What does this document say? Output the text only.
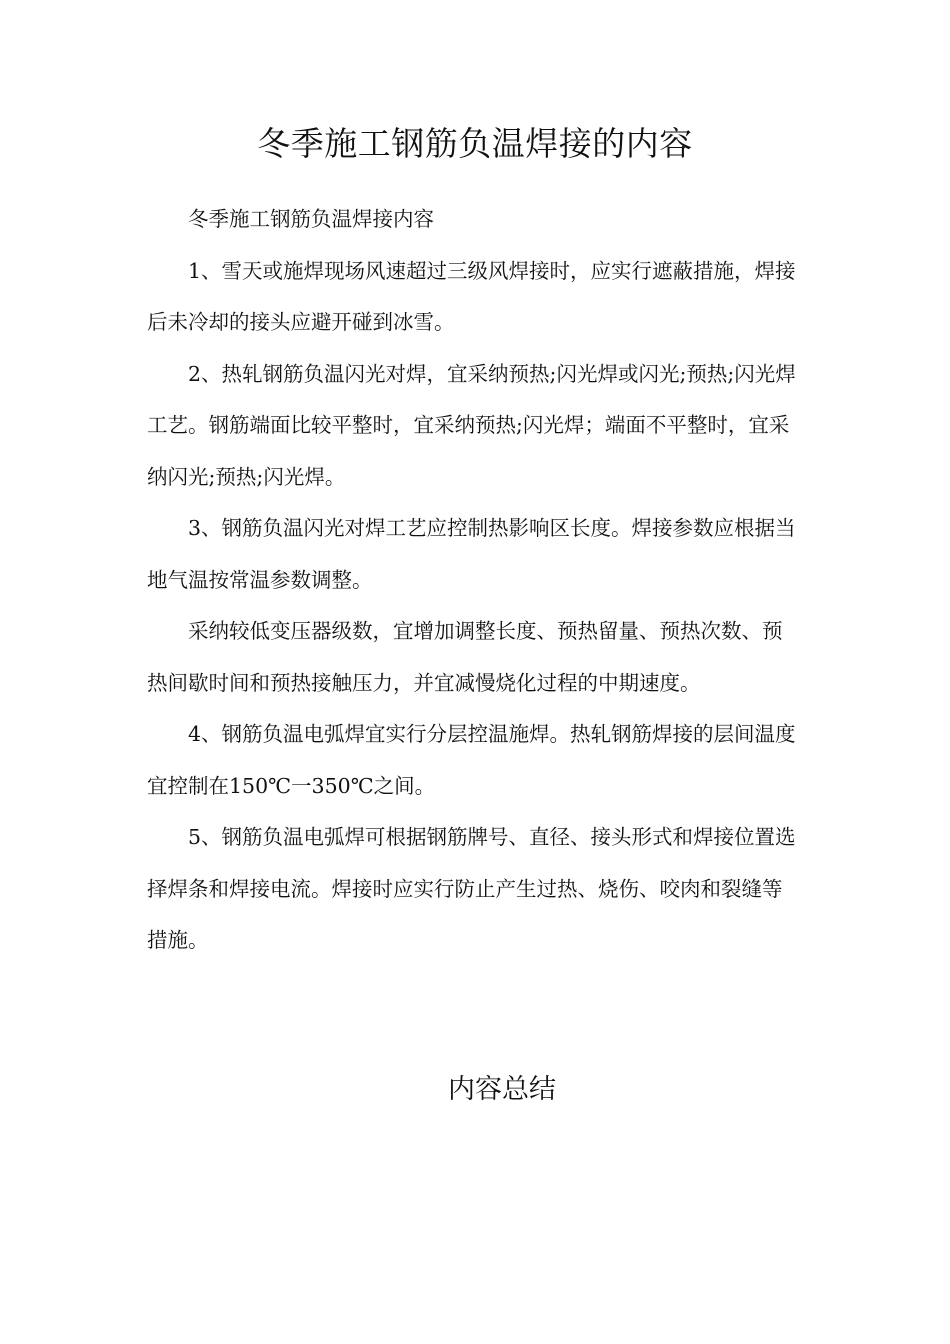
冬季施工钢筋负温焊接的内容

冬季施工钢筋负温焊接内容

1、雪天或施焊现场风速超过三级风焊接时，应实行遮蔽措施，焊接后未冷却的接头应避开碰到冰雪。

2、热轧钢筋负温闪光对焊，宜采纳预热;闪光焊或闪光;预热;闪光焊工艺。钢筋端面比较平整时，宜采纳预热;闪光焊；端面不平整时，宜采纳闪光;预热;闪光焊。

3、钢筋负温闪光对焊工艺应控制热影响区长度。焊接参数应根据当地气温按常温参数调整。

采纳较低变压器级数，宜增加调整长度、预热留量、预热次数、预热间歇时间和预热接触压力，并宜减慢烧化过程的中期速度。

4、钢筋负温电弧焊宜实行分层控温施焊。热轧钢筋焊接的层间温度宜控制在150℃一350℃之间。

5、钢筋负温电弧焊可根据钢筋牌号、直径、接头形式和焊接位置选择焊条和焊接电流。焊接时应实行防止产生过热、烧伤、咬肉和裂缝等措施。

内容总结
